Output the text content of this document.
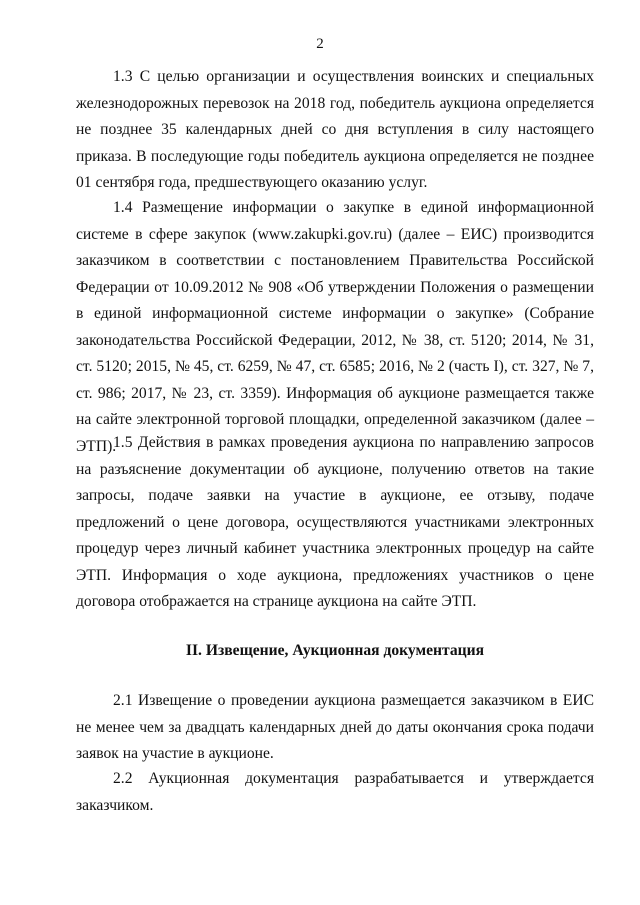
2

1.3 С целью организации и осуществления воинских и специальных железнодорожных перевозок на 2018 год, победитель аукциона определяется не позднее 35 календарных дней со дня вступления в силу настоящего приказа. В последующие годы победитель аукциона определяется не позднее 01 сентября года, предшествующего оказанию услуг.

1.4 Размещение информации о закупке в единой информационной системе в сфере закупок (www.zakupki.gov.ru) (далее – ЕИС) производится заказчиком в соответствии с постановлением Правительства Российской Федерации от 10.09.2012 № 908 «Об утверждении Положения о размещении в единой информационной системе информации о закупке» (Собрание законодательства Российской Федерации, 2012, № 38, ст. 5120; 2014, № 31, ст. 5120; 2015, № 45, ст. 6259, № 47, ст. 6585; 2016, № 2 (часть I), ст. 327, № 7, ст. 986; 2017, № 23, ст. 3359). Информация об аукционе размещается также на сайте электронной торговой площадки, определенной заказчиком (далее – ЭТП).

1.5 Действия в рамках проведения аукциона по направлению запросов на разъяснение документации об аукционе, получению ответов на такие запросы, подаче заявки на участие в аукционе, ее отзыву, подаче предложений о цене договора, осуществляются участниками электронных процедур через личный кабинет участника электронных процедур на сайте ЭТП. Информация о ходе аукциона, предложениях участников о цене договора отображается на странице аукциона на сайте ЭТП.

II. Извещение, Аукционная документация

2.1 Извещение о проведении аукциона размещается заказчиком в ЕИС не менее чем за двадцать календарных дней до даты окончания срока подачи заявок на участие в аукционе.

2.2 Аукционная документация разрабатывается и утверждается заказчиком.
